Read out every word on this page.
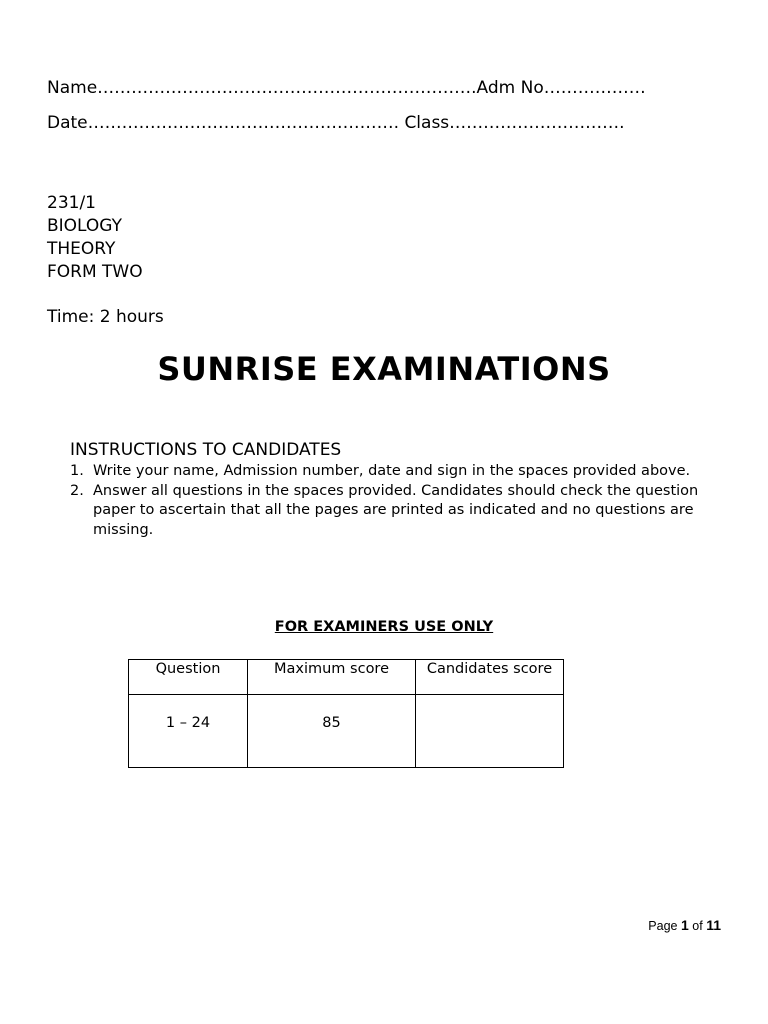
Name………………………………………………………….Adm No………………
Date………………………………………………. Class………………………….
231/1
BIOLOGY
THEORY
FORM TWO
Time: 2 hours
SUNRISE EXAMINATIONS
INSTRUCTIONS TO CANDIDATES
1. Write your name, Admission number, date and sign in the spaces provided above.
2. Answer all questions in the spaces provided. Candidates should check the question paper to ascertain that all the pages are printed as indicated and no questions are missing.
FOR EXAMINERS USE ONLY
Question	Maximum score	Candidates score
1 – 24	85	
Page 1 of 11
